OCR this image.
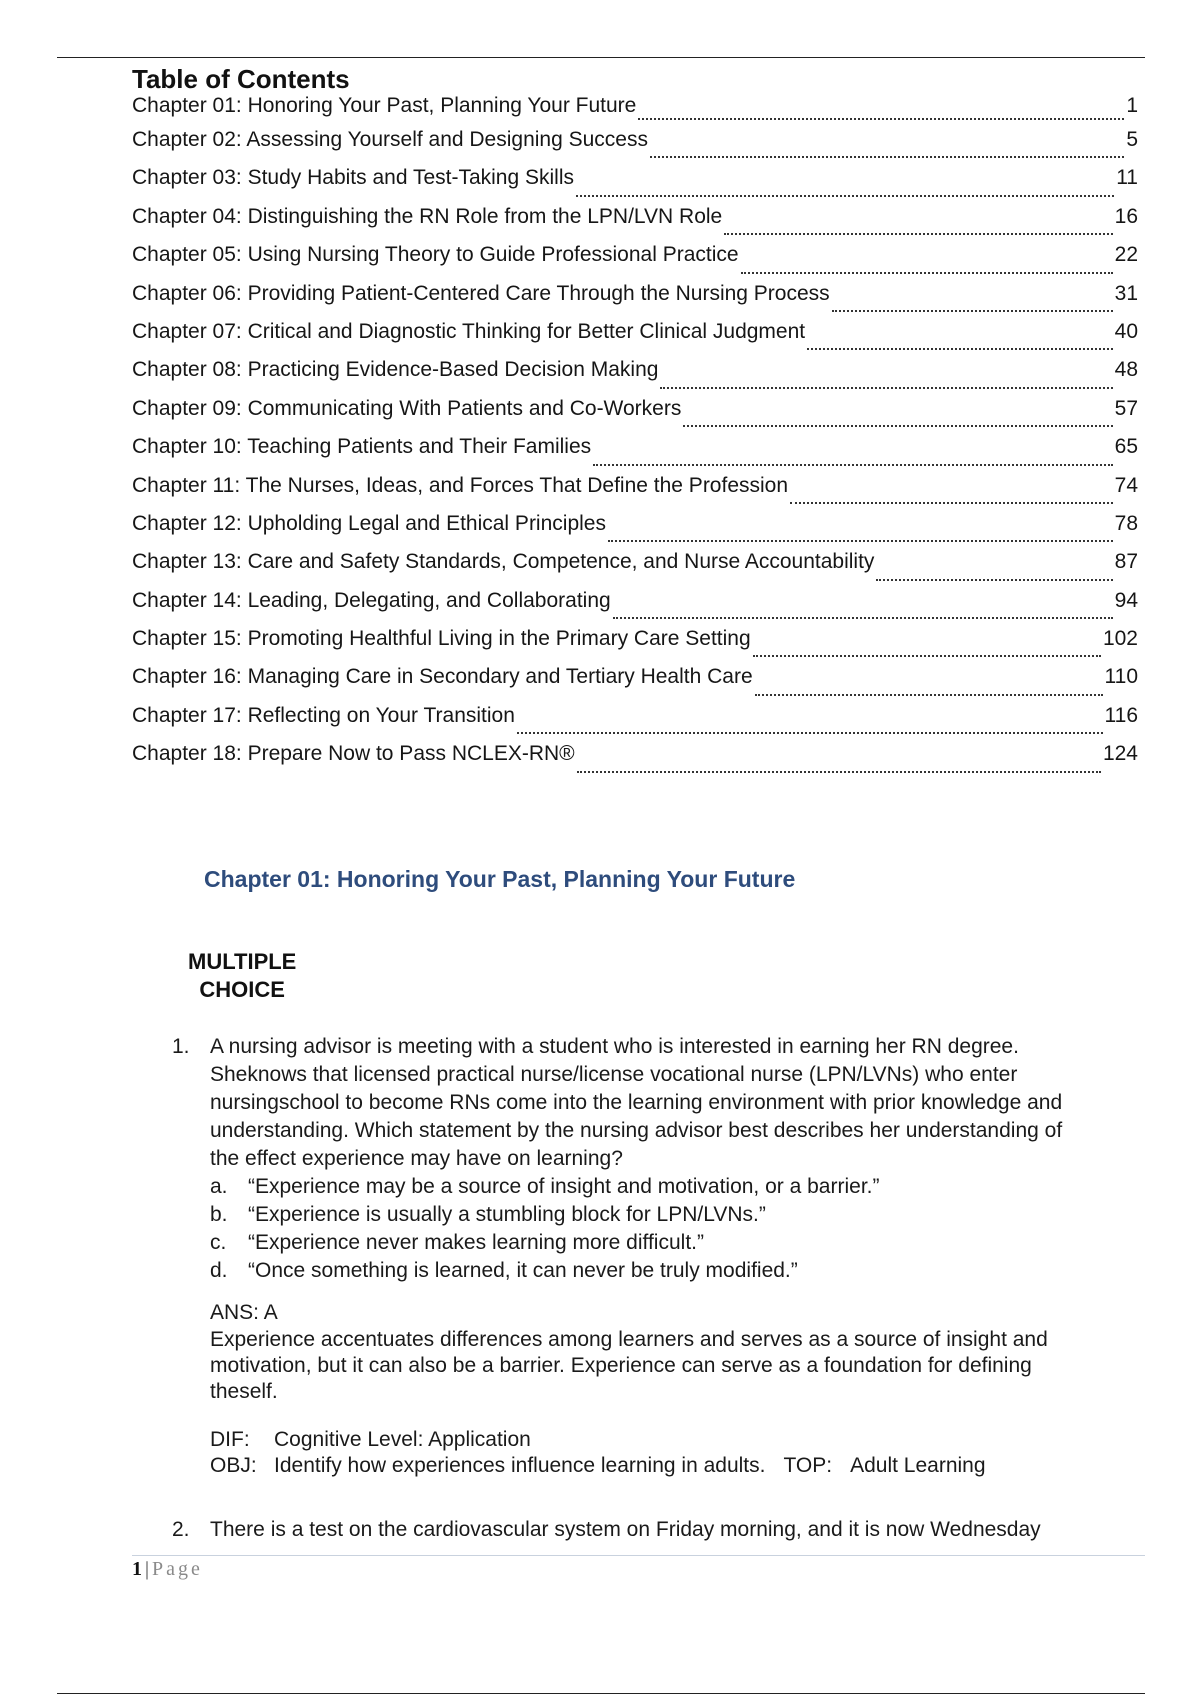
Table of Contents
Chapter 01: Honoring Your Past, Planning Your Future	1
Chapter 02: Assessing Yourself and Designing Success	5
Chapter 03: Study Habits and Test-Taking Skills	11
Chapter 04: Distinguishing the RN Role from the LPN/LVN Role	16
Chapter 05: Using Nursing Theory to Guide Professional Practice	22
Chapter 06: Providing Patient-Centered Care Through the Nursing Process	31
Chapter 07: Critical and Diagnostic Thinking for Better Clinical Judgment	40
Chapter 08: Practicing Evidence-Based Decision Making	48
Chapter 09: Communicating With Patients and Co-Workers	57
Chapter 10: Teaching Patients and Their Families	65
Chapter 11: The Nurses, Ideas, and Forces That Define the Profession	74
Chapter 12: Upholding Legal and Ethical Principles	78
Chapter 13: Care and Safety Standards, Competence, and Nurse Accountability	87
Chapter 14: Leading, Delegating, and Collaborating	94
Chapter 15: Promoting Healthful Living in the Primary Care Setting	102
Chapter 16: Managing Care in Secondary and Tertiary Health Care	110
Chapter 17: Reflecting on Your Transition	116
Chapter 18: Prepare Now to Pass NCLEX-RN®	124
Chapter 01: Honoring Your Past, Planning Your Future
MULTIPLE
CHOICE
1. A nursing advisor is meeting with a student who is interested in earning her RN degree. Sheknows that licensed practical nurse/license vocational nurse (LPN/LVNs) who enter nursingschool to become RNs come into the learning environment with prior knowledge and understanding. Which statement by the nursing advisor best describes her understanding of the effect experience may have on learning?
a. “Experience may be a source of insight and motivation, or a barrier.”
b. “Experience is usually a stumbling block for LPN/LVNs.”
c.	“Experience never makes learning more difficult.”
d. “Once something is learned, it can never be truly modified.”

ANS: A

Experience accentuates differences among learners and serves as a source of insight and motivation, but it can also be a barrier. Experience can serve as a foundation for defining theself.

DIF:	Cognitive Level: Application
OBJ: Identify how experiences influence learning in adults. TOP: Adult Learning
2. There is a test on the cardiovascular system on Friday morning, and it is now Wednesday
1 | Page
